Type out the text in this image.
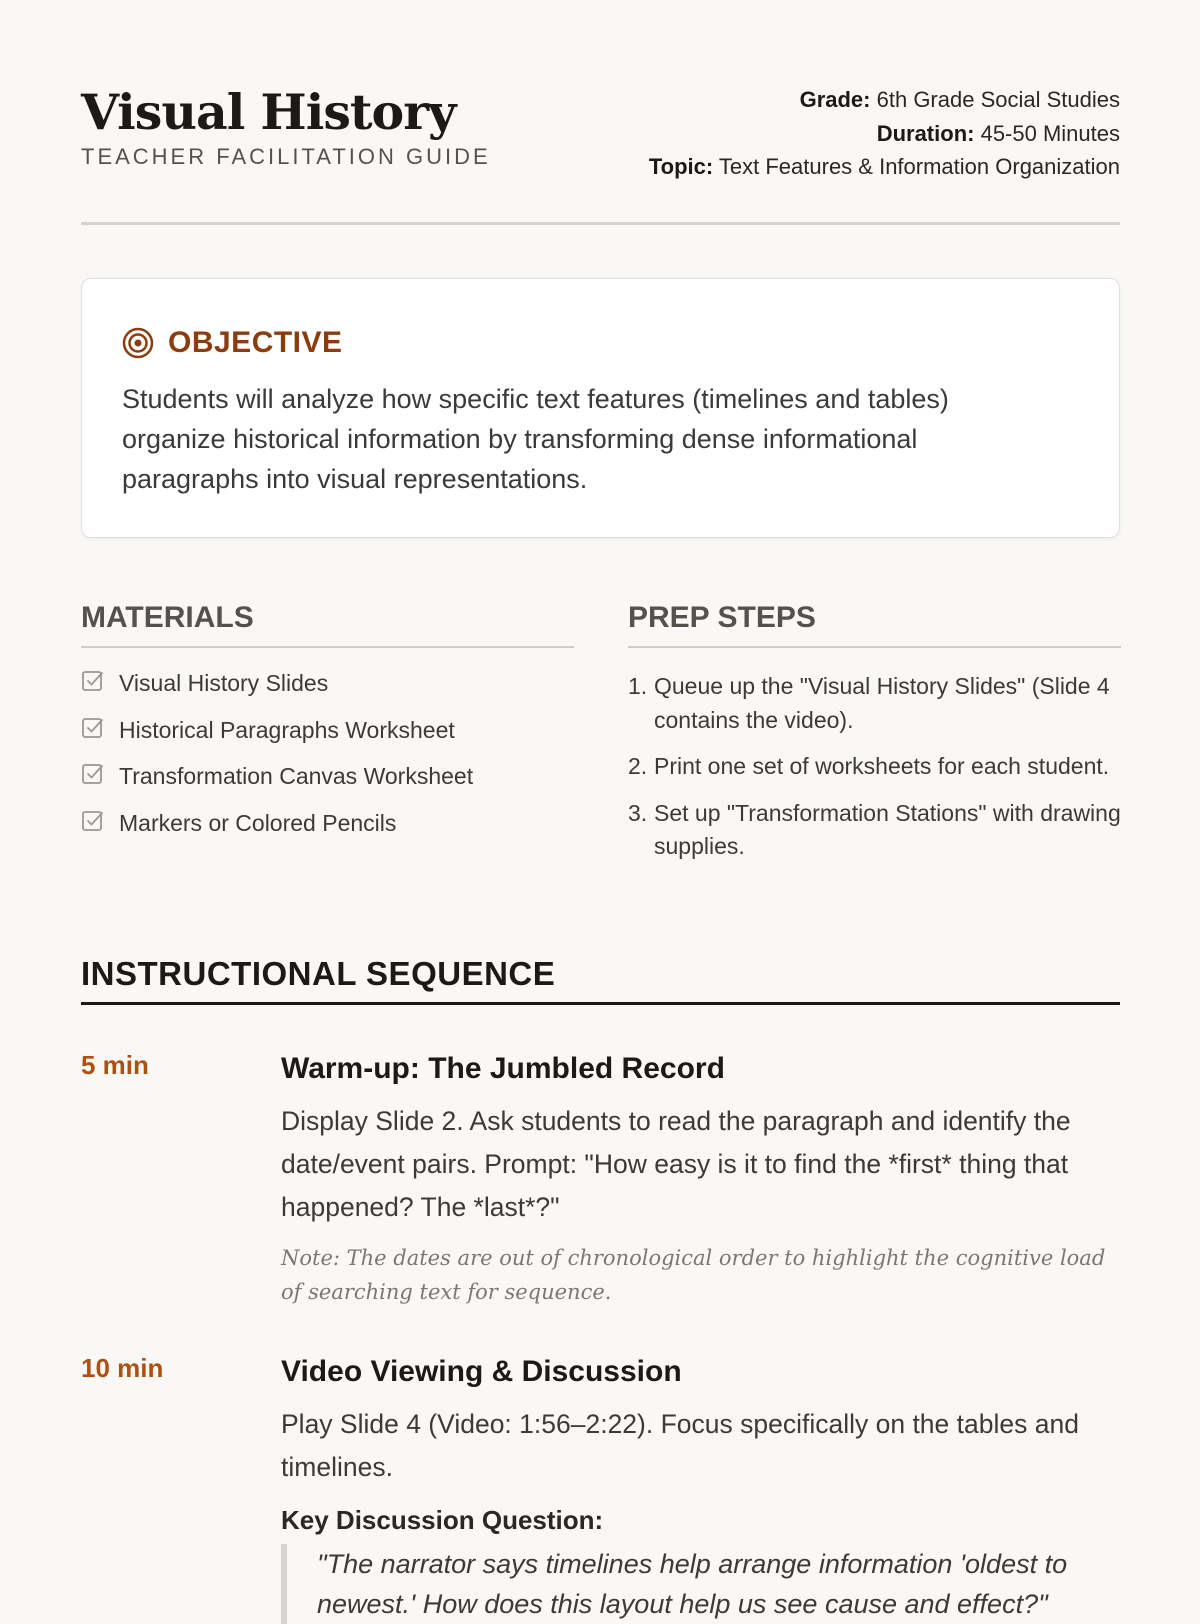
Visual History
TEACHER FACILITATION GUIDE
Grade: 6th Grade Social Studies
Duration: 45-50 Minutes
Topic: Text Features & Information Organization
OBJECTIVE
Students will analyze how specific text features (timelines and tables) organize historical information by transforming dense informational paragraphs into visual representations.
MATERIALS
Visual History Slides
Historical Paragraphs Worksheet
Transformation Canvas Worksheet
Markers or Colored Pencils
PREP STEPS
1. Queue up the "Visual History Slides" (Slide 4 contains the video).
2. Print one set of worksheets for each student.
3. Set up "Transformation Stations" with drawing supplies.
INSTRUCTIONAL SEQUENCE
5 min	Warm-up: The Jumbled Record

Display Slide 2. Ask students to read the paragraph and identify the date/event pairs. Prompt: "How easy is it to find the *first* thing that happened? The *last*?"

Note: The dates are out of chronological order to highlight the cognitive load of searching text for sequence.

10 min	Video Viewing & Discussion

Play Slide 4 (Video: 1:56–2:22). Focus specifically on the tables and timelines.

Key Discussion Question:
"The narrator says timelines help arrange information 'oldest to newest.' How does this layout help us see cause and effect?"
